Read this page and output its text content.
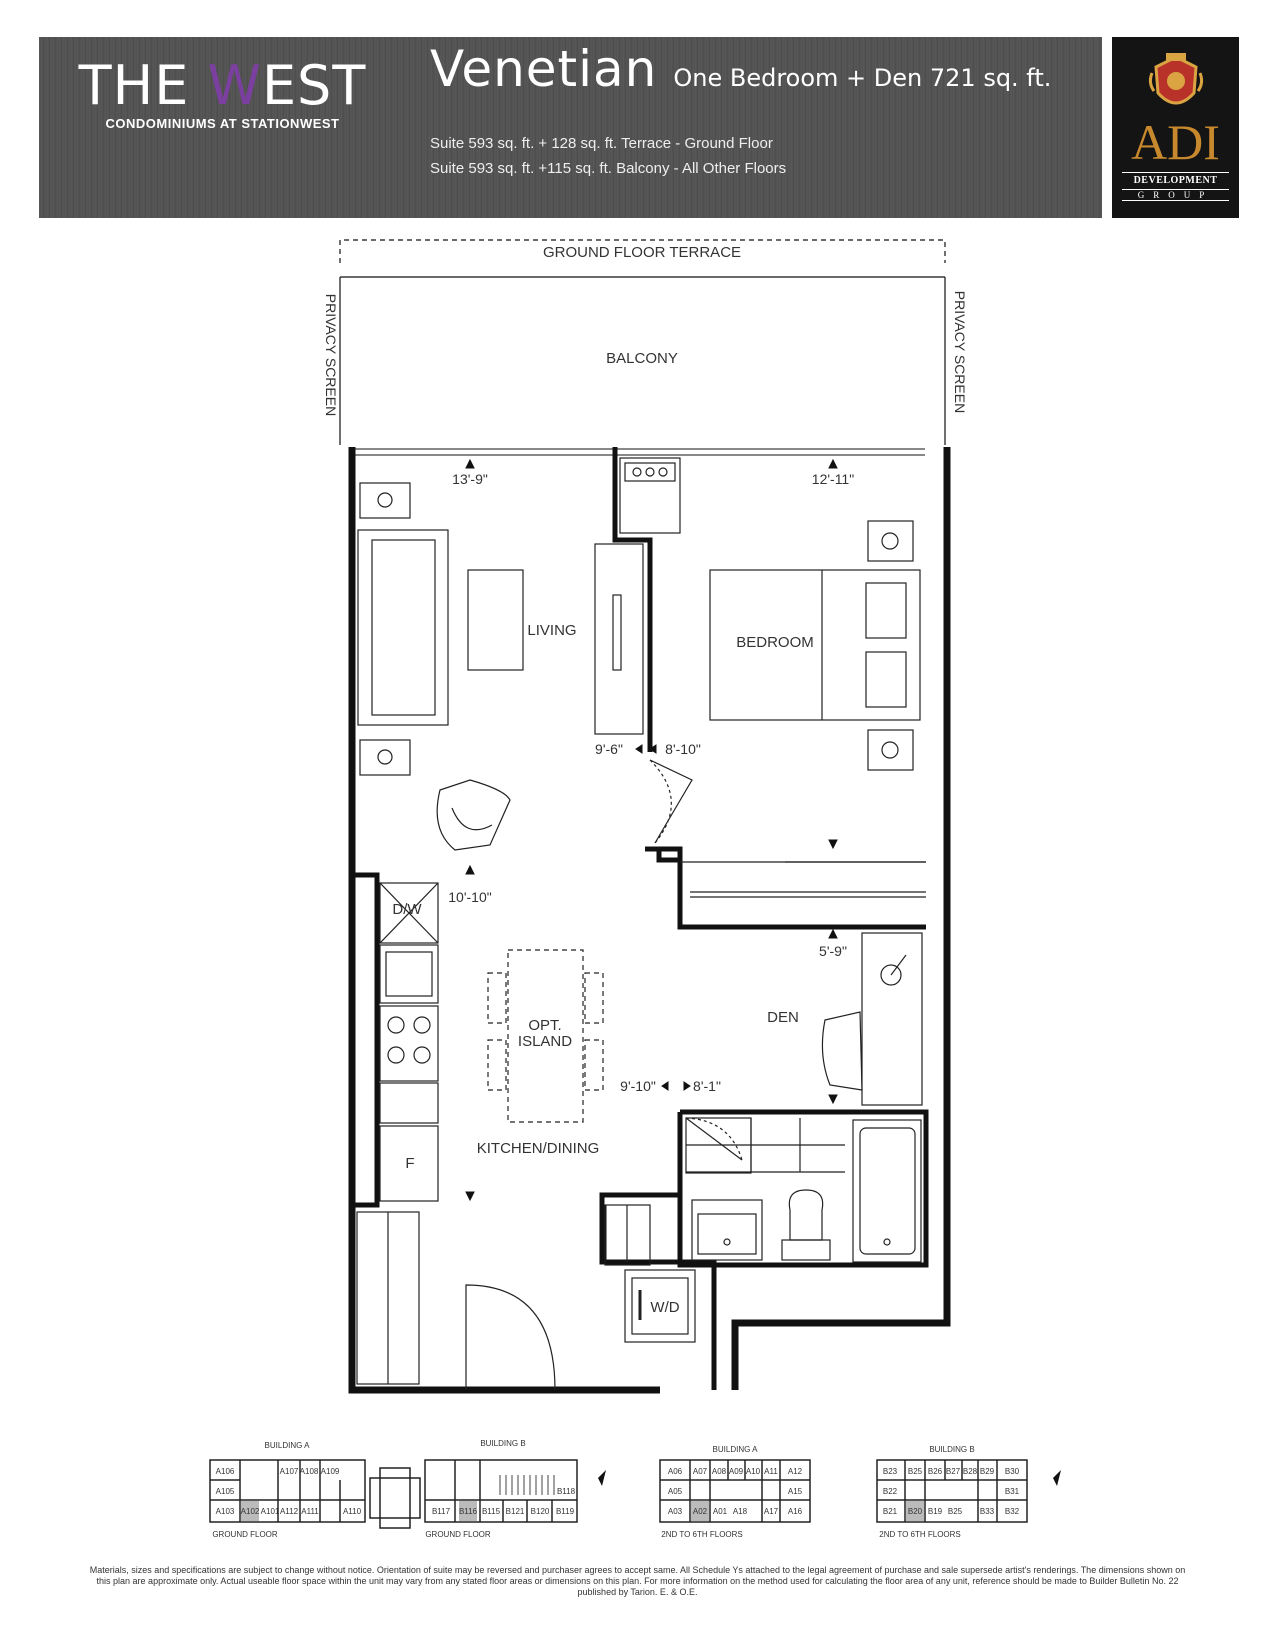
THE WEST
CONDOMINIUMS AT STATIONWEST
Venetian One Bedroom + Den 721 sq. ft.
Suite 593 sq. ft. + 128 sq. ft. Terrace - Ground Floor
Suite 593 sq. ft. +115 sq. ft. Balcony - All Other Floors	ADI
DEVELOPMENT
GROUP
GROUND FLOOR TERRACE
BALCONY
LIVING
BEDROOM
DEN
KITCHEN/DINING
OPT.
ISLAND
D/W
F
W/D
PRIVACY SCREEN	PRIVACY SCREEN
13'-9"	12'-11"
9'-6"	8'-10"
10'-10"
5'-9"
9'-10"	8'-1"
BUILDING A
A106	A107 A108 A109
A105
A103 A102 A101 A112 A111	A110
GROUND FLOOR
BUILDING B
B118
B117 B116 B115 B121 B120 B119
GROUND FLOOR
BUILDING A
A06 A07 A08 A09 A10 A11 A12
A05	A15
A03 A02 A01 A18 A17 A16
2ND TO 6TH FLOORS
BUILDING B
B23 B25 B26 B27 B28 B29 B30
B22	B31
B21 B20 B19 B25 B33 B32
2ND TO 6TH FLOORS
Materials, sizes and specifications are subject to change without notice. Orientation of suite may be reversed and purchaser agrees to accept same. All Schedule Ys attached to the legal agreement of purchase and sale supersede artist's renderings. The dimensions shown on this plan are approximate only. Actual useable floor space within the unit may vary from any stated floor areas or dimensions on this plan. For more information on the method used for calculating the floor area of any unit, reference should be made to Builder Bulletin No. 22 published by Tarion. E. & O.E.
